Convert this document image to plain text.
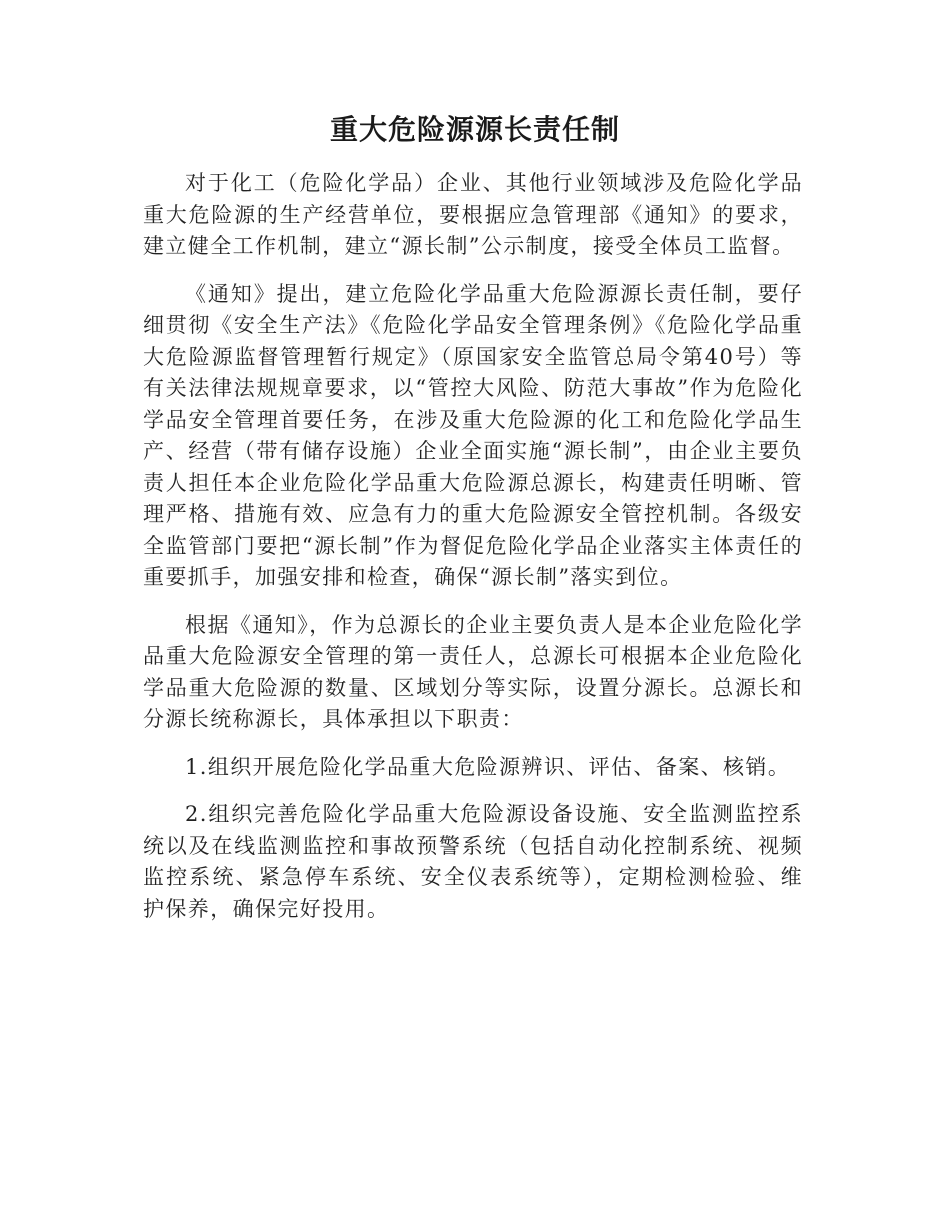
重大危险源源长责任制

对于化工（危险化学品）企业、其他行业领域涉及危险化学品重大危险源的生产经营单位，要根据应急管理部《通知》的要求，建立健全工作机制，建立“源长制”公示制度，接受全体员工监督。

《通知》提出，建立危险化学品重大危险源源长责任制，要仔细贯彻《安全生产法》《危险化学品安全管理条例》《危险化学品重大危险源监督管理暂行规定》（原国家安全监管总局令第40号）等有关法律法规规章要求，以“管控大风险、防范大事故”作为危险化学品安全管理首要任务，在涉及重大危险源的化工和危险化学品生产、经营（带有储存设施）企业全面实施“源长制”，由企业主要负责人担任本企业危险化学品重大危险源总源长，构建责任明晰、管理严格、措施有效、应急有力的重大危险源安全管控机制。各级安全监管部门要把“源长制”作为督促危险化学品企业落实主体责任的重要抓手，加强安排和检查，确保“源长制”落实到位。

根据《通知》，作为总源长的企业主要负责人是本企业危险化学品重大危险源安全管理的第一责任人，总源长可根据本企业危险化学品重大危险源的数量、区域划分等实际，设置分源长。总源长和分源长统称源长，具体承担以下职责：

1.组织开展危险化学品重大危险源辨识、评估、备案、核销。

2.组织完善危险化学品重大危险源设备设施、安全监测监控系统以及在线监测监控和事故预警系统（包括自动化控制系统、视频监控系统、紧急停车系统、安全仪表系统等），定期检测检验、维护保养，确保完好投用。
